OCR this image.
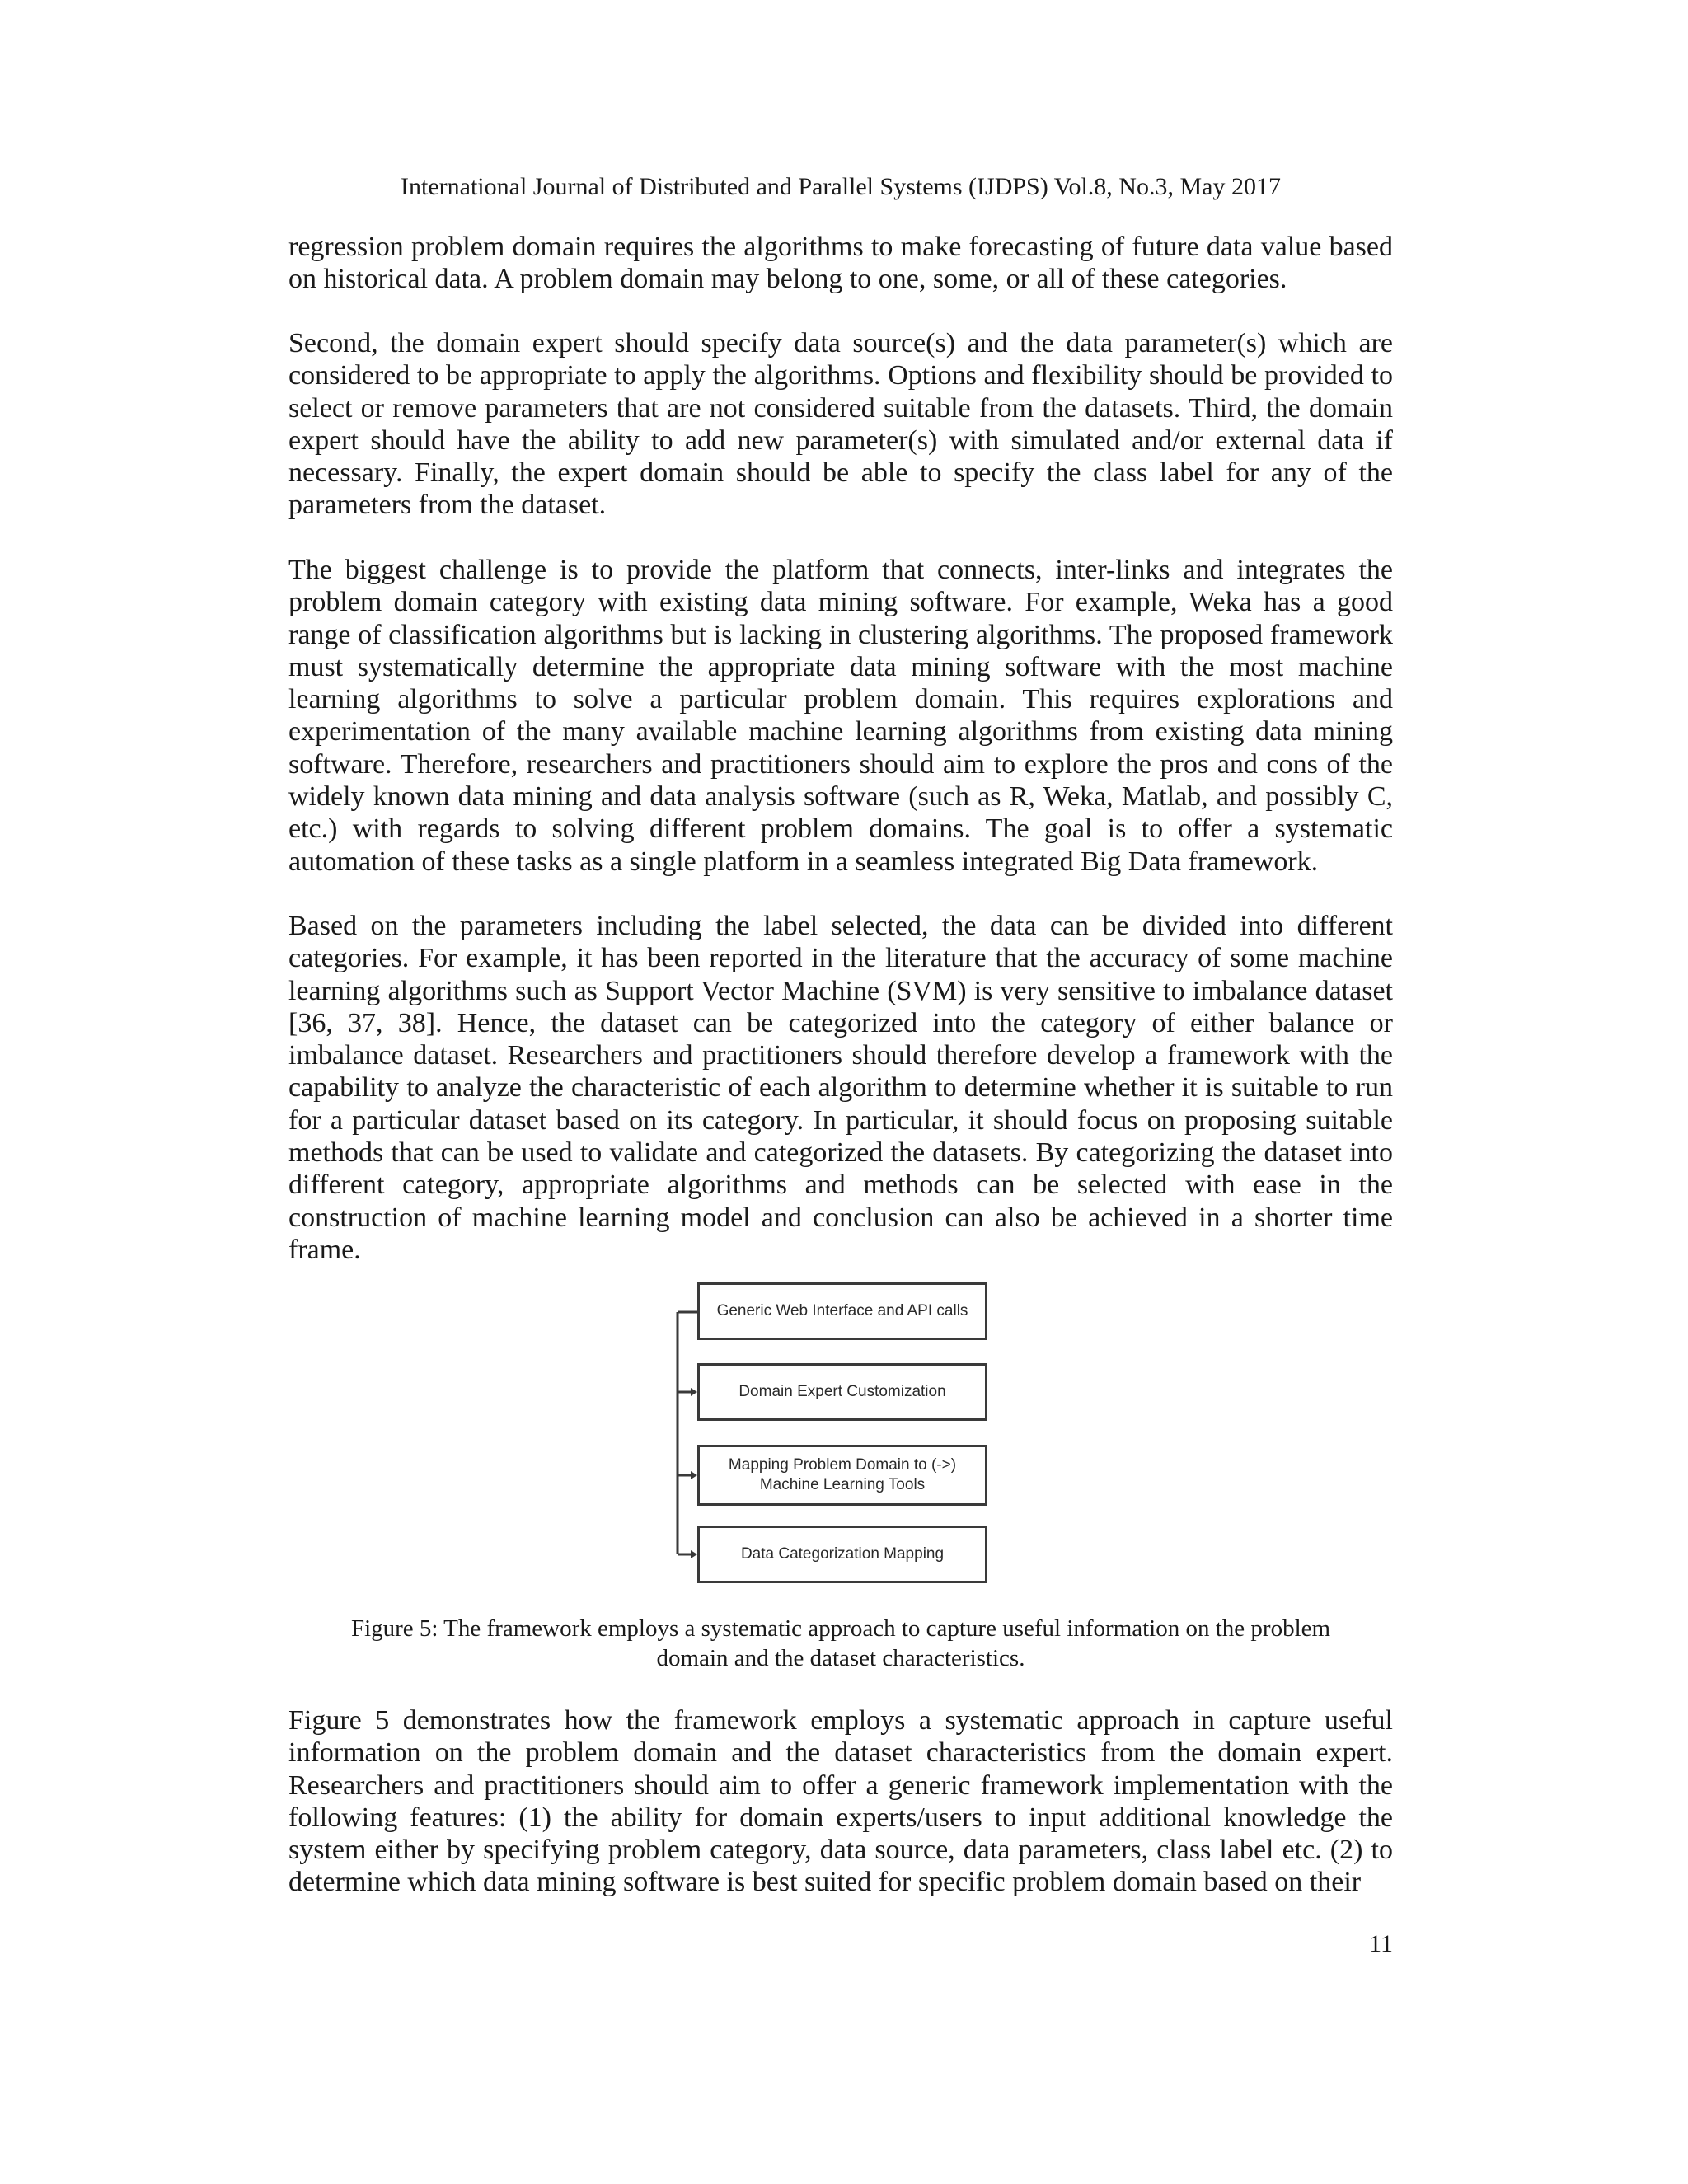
International Journal of Distributed and Parallel Systems (IJDPS) Vol.8, No.3, May 2017

regression problem domain requires the algorithms to make forecasting of future data value based on historical data. A problem domain may belong to one, some, or all of these categories.

Second, the domain expert should specify data source(s) and the data parameter(s) which are considered to be appropriate to apply the algorithms. Options and flexibility should be provided to select or remove parameters that are not considered suitable from the datasets. Third, the domain expert should have the ability to add new parameter(s) with simulated and/or external data if necessary. Finally, the expert domain should be able to specify the class label for any of the parameters from the dataset.

The biggest challenge is to provide the platform that connects, inter-links and integrates the problem domain category with existing data mining software. For example, Weka has a good range of classification algorithms but is lacking in clustering algorithms. The proposed framework must systematically determine the appropriate data mining software with the most machine learning algorithms to solve a particular problem domain. This requires explorations and experimentation of the many available machine learning algorithms from existing data mining software. Therefore, researchers and practitioners should aim to explore the pros and cons of the widely known data mining and data analysis software (such as R, Weka, Matlab, and possibly C, etc.) with regards to solving different problem domains. The goal is to offer a systematic automation of these tasks as a single platform in a seamless integrated Big Data framework.

Based on the parameters including the label selected, the data can be divided into different categories. For example, it has been reported in the literature that the accuracy of some machine learning algorithms such as Support Vector Machine (SVM) is very sensitive to imbalance dataset [36, 37, 38]. Hence, the dataset can be categorized into the category of either balance or imbalance dataset. Researchers and practitioners should therefore develop a framework with the capability to analyze the characteristic of each algorithm to determine whether it is suitable to run for a particular dataset based on its category. In particular, it should focus on proposing suitable methods that can be used to validate and categorized the datasets. By categorizing the dataset into different category, appropriate algorithms and methods can be selected with ease in the construction of machine learning model and conclusion can also be achieved in a shorter time frame.

Generic Web Interface and API calls
Domain Expert Customization
Mapping Problem Domain to (->) Machine Learning Tools
Data Categorization Mapping

Figure 5: The framework employs a systematic approach to capture useful information on the problem domain and the dataset characteristics.

Figure 5 demonstrates how the framework employs a systematic approach in capture useful information on the problem domain and the dataset characteristics from the domain expert. Researchers and practitioners should aim to offer a generic framework implementation with the following features: (1) the ability for domain experts/users to input additional knowledge the system either by specifying problem category, data source, data parameters, class label etc. (2) to determine which data mining software is best suited for specific problem domain based on their

11
